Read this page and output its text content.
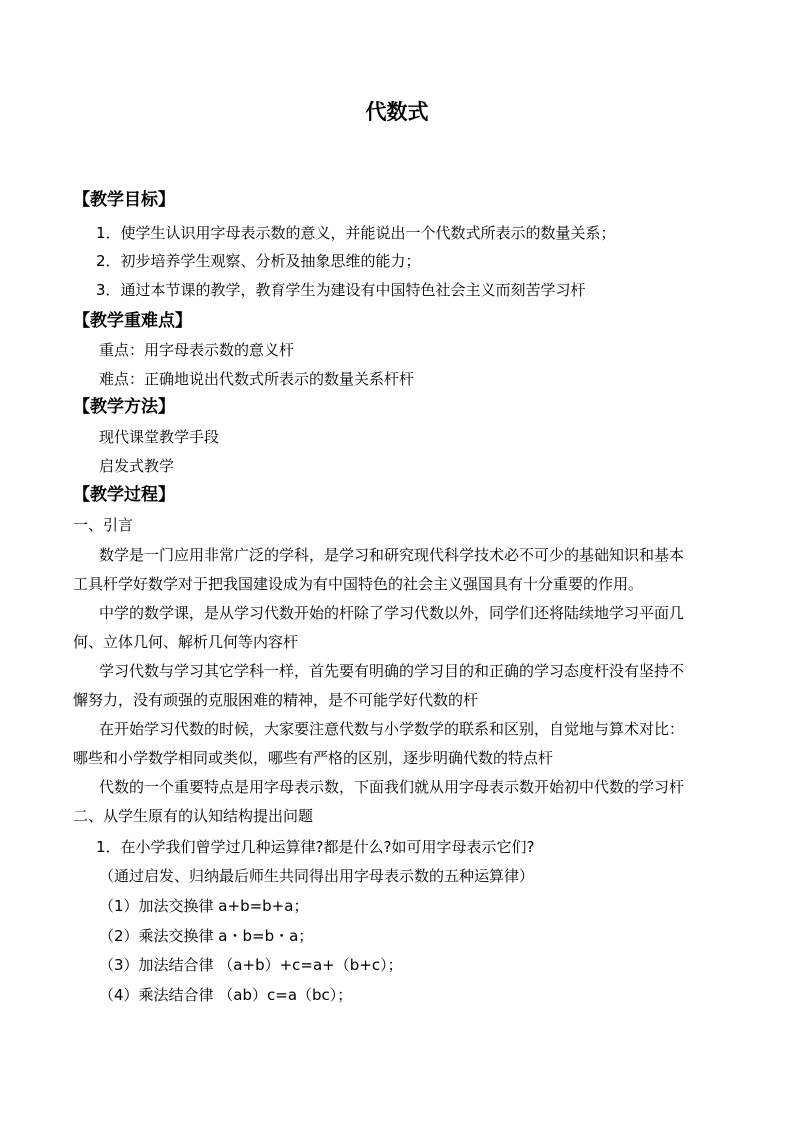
代数式
【教学目标】
1．使学生认识用字母表示数的意义，并能说出一个代数式所表示的数量关系；
2．初步培养学生观察、分析及抽象思维的能力；
3．通过本节课的教学，教育学生为建设有中国特色社会主义而刻苦学习杆
【教学重难点】
重点：用字母表示数的意义杆
难点：正确地说出代数式所表示的数量关系杆杆
【教学方法】
现代课堂教学手段
启发式教学
【教学过程】
一、引言
数学是一门应用非常广泛的学科，是学习和研究现代科学技术必不可少的基础知识和基本
工具杆学好数学对于把我国建设成为有中国特色的社会主义强国具有十分重要的作用。
中学的数学课，是从学习代数开始的杆除了学习代数以外，同学们还将陆续地学习平面几
何、立体几何、解析几何等内容杆
学习代数与学习其它学科一样，首先要有明确的学习目的和正确的学习态度杆没有坚持不
懈努力，没有顽强的克服困难的精神，是不可能学好代数的杆
在开始学习代数的时候，大家要注意代数与小学数学的联系和区别，自觉地与算术对比：
哪些和小学数学相同或类似，哪些有严格的区别，逐步明确代数的特点杆
代数的一个重要特点是用字母表示数，下面我们就从用字母表示数开始初中代数的学习杆
二、从学生原有的认知结构提出问题
1．在小学我们曾学过几种运算律?都是什么?如可用字母表示它们?
（通过启发、归纳最后师生共同得出用字母表示数的五种运算律）
（1）加法交换律 a+b=b+a；
（2）乘法交换律 a・b=b・a；
（3）加法结合律 （a+b）+c=a+（b+c）；
（4）乘法结合律 （ab）c=a（bc）；
